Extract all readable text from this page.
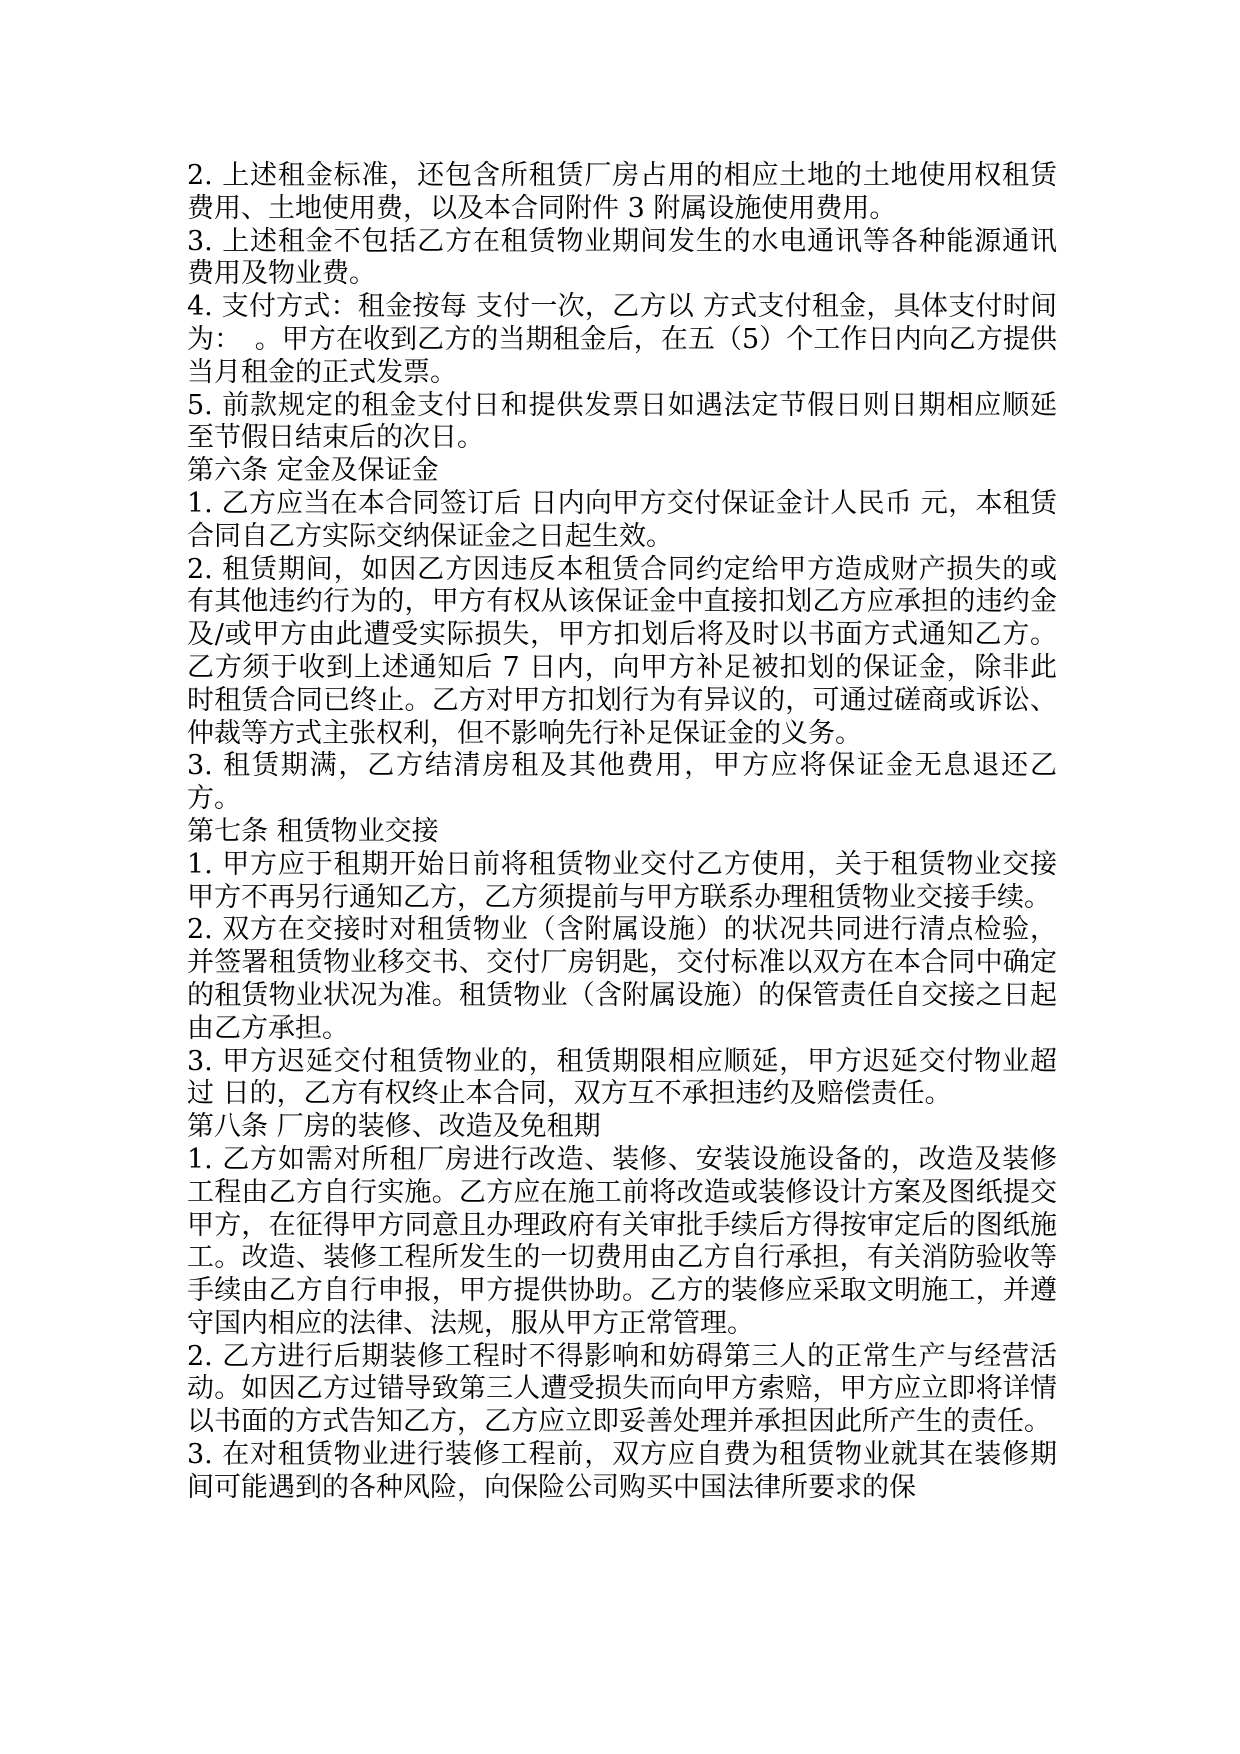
2. 上述租金标准，还包含所租赁厂房占用的相应土地的土地使用权租赁费用、土地使用费，以及本合同附件 3 附属设施使用费用。

3. 上述租金不包括乙方在租赁物业期间发生的水电通讯等各种能源通讯费用及物业费。

4. 支付方式：租金按每 支付一次，乙方以 方式支付租金，具体支付时间为：　。甲方在收到乙方的当期租金后，在五（5）个工作日内向乙方提供当月租金的正式发票。

5. 前款规定的租金支付日和提供发票日如遇法定节假日则日期相应顺延至节假日结束后的次日。

第六条 定金及保证金

1. 乙方应当在本合同签订后 日内向甲方交付保证金计人民币 元，本租赁合同自乙方实际交纳保证金之日起生效。

2. 租赁期间，如因乙方因违反本租赁合同约定给甲方造成财产损失的或有其他违约行为的，甲方有权从该保证金中直接扣划乙方应承担的违约金及/或甲方由此遭受实际损失，甲方扣划后将及时以书面方式通知乙方。乙方须于收到上述通知后 7 日内，向甲方补足被扣划的保证金，除非此时租赁合同已终止。乙方对甲方扣划行为有异议的，可通过磋商或诉讼、仲裁等方式主张权利，但不影响先行补足保证金的义务。

3. 租赁期满，乙方结清房租及其他费用，甲方应将保证金无息退还乙方。

第七条 租赁物业交接

1. 甲方应于租期开始日前将租赁物业交付乙方使用，关于租赁物业交接甲方不再另行通知乙方，乙方须提前与甲方联系办理租赁物业交接手续。

2. 双方在交接时对租赁物业（含附属设施）的状况共同进行清点检验，并签署租赁物业移交书、交付厂房钥匙，交付标准以双方在本合同中确定的租赁物业状况为准。租赁物业（含附属设施）的保管责任自交接之日起由乙方承担。

3. 甲方迟延交付租赁物业的，租赁期限相应顺延，甲方迟延交付物业超过 日的，乙方有权终止本合同，双方互不承担违约及赔偿责任。

第八条 厂房的装修、改造及免租期

1. 乙方如需对所租厂房进行改造、装修、安装设施设备的，改造及装修工程由乙方自行实施。乙方应在施工前将改造或装修设计方案及图纸提交甲方，在征得甲方同意且办理政府有关审批手续后方得按审定后的图纸施工。改造、装修工程所发生的一切费用由乙方自行承担，有关消防验收等手续由乙方自行申报，甲方提供协助。乙方的装修应采取文明施工，并遵守国内相应的法律、法规，服从甲方正常管理。

2. 乙方进行后期装修工程时不得影响和妨碍第三人的正常生产与经营活动。如因乙方过错导致第三人遭受损失而向甲方索赔，甲方应立即将详情以书面的方式告知乙方，乙方应立即妥善处理并承担因此所产生的责任。

3. 在对租赁物业进行装修工程前，双方应自费为租赁物业就其在装修期间可能遇到的各种风险，向保险公司购买中国法律所要求的保
